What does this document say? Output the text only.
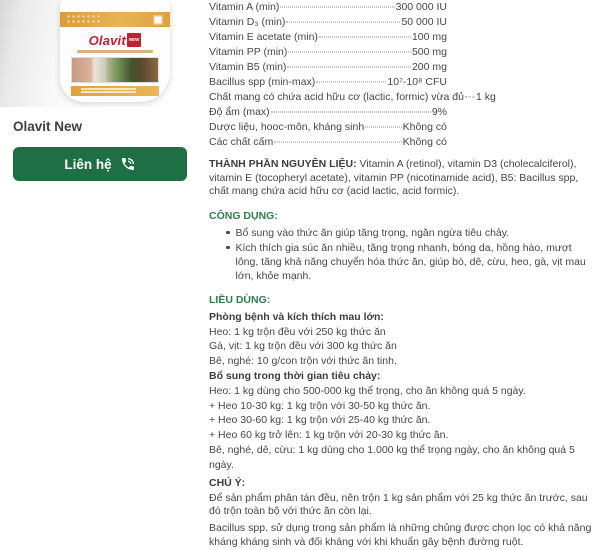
Olavit NEW
Olavit New
Liên hệ
Vitamin A (min)	300 000 IU
Vitamin D₃ (min)	50 000 IU
Vitamin E acetate (min)	100 mg
Vitamin PP (min)	500 mg
Vitamin B5 (min)	200 mg
Bacillus spp (min-max)	10⁷-10⁸ CFU
Chất mang có chứa acid hữu cơ (lactic, formic) vừa đủ 1 kg
Độ ẩm (max)	9%
Dược liệu, hooc-môn, kháng sinh	Không có
Các chất cấm	Không có
THÀNH PHẦN NGUYÊN LIỆU: Vitamin A (retinol), vitamin D3 (cholecalciferol), vitamin E (tocopheryl acetate), vitamin PP (nicotinamide acid), B5: Bacillus spp, chất mang chứa acid hữu cơ (acid lactic, acid formic).
CÔNG DỤNG:
Bổ sung vào thức ăn giúp tăng trọng, ngăn ngừa tiêu chảy.
Kích thích gia súc ăn nhiều, tăng trọng nhanh, bóng da, hồng hào, mượt lông, tăng khả năng chuyển hóa thức ăn, giúp bò, dê, cừu, heo, gà, vịt mau lớn, khỏe mạnh.
LIỀU DÙNG:
Phòng bệnh và kích thích mau lớn:
Heo: 1 kg trộn đều với 250 kg thức ăn
Gà, vịt: 1 kg trộn đều với 300 kg thức ăn
Bê, nghé: 10 g/con trộn với thức ăn tinh.
Bổ sung trong thời gian tiêu chảy:
Heo: 1 kg dùng cho 500-000 kg thể trọng, cho ăn không quá 5 ngày.
+ Heo 10-30 kg: 1 kg trộn với 30-50 kg thức ăn.
+ Heo 30-60 kg: 1 kg trộn với 25-40 kg thức ăn.
+ Heo 60 kg trở lên: 1 kg trộn với 20-30 kg thức ăn.
Bê, nghé, dê, cừu: 1 kg dùng cho 1.000 kg thể trọng ngày, cho ăn không quá 5 ngày.
CHÚ Ý:
Để sản phẩm phân tán đều, nên trộn 1 kg sản phẩm với 25 kg thức ăn trước, sau đó trộn toàn bộ với thức ăn còn lại.
Bacillus spp. sử dụng trong sản phẩm là những chủng được chọn lọc có khả năng kháng kháng sinh và đối kháng với khi khuẩn gây bệnh đường ruột.
